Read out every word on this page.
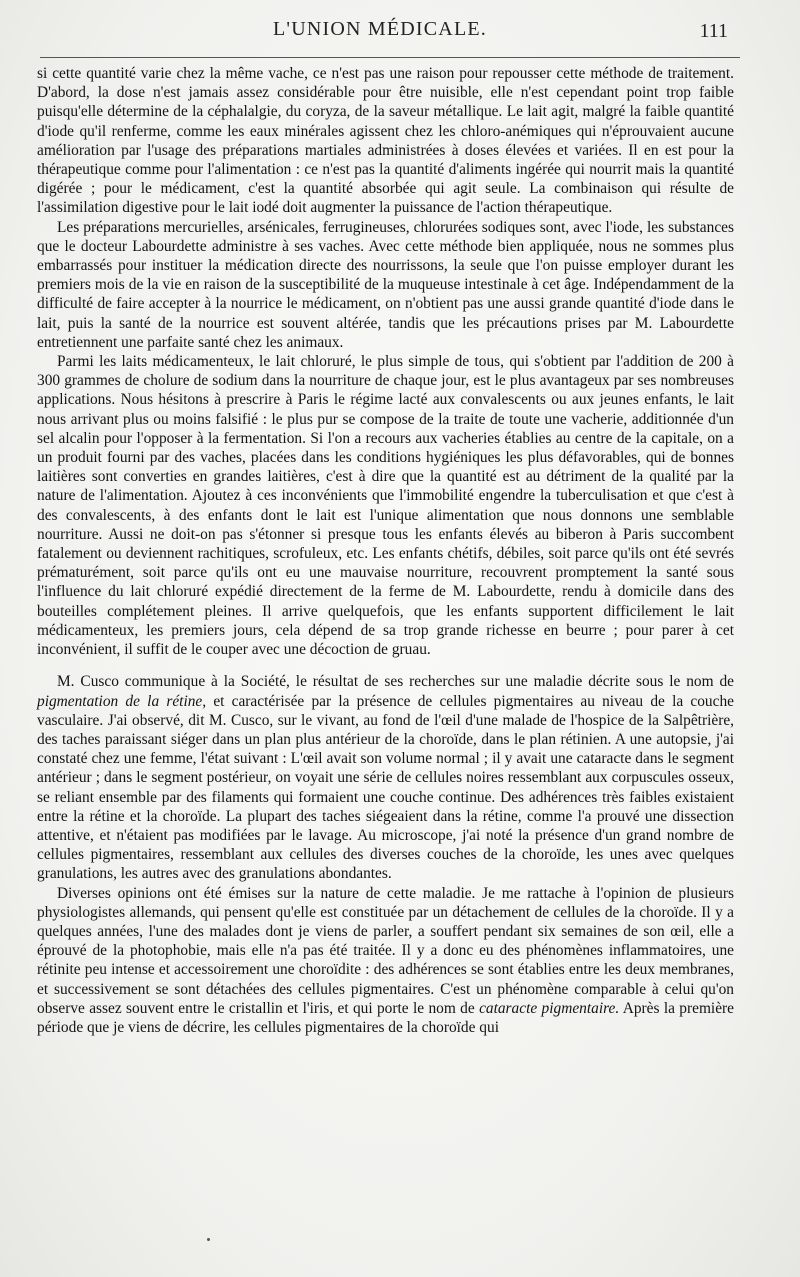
L'UNION MÉDICALE.	111

si cette quantité varie chez la même vache, ce n'est pas une raison pour repousser cette méthode de traitement. D'abord, la dose n'est jamais assez considérable pour être nuisible, elle n'est cependant point trop faible puisqu'elle détermine de la céphalalgie, du coryza, de la saveur métallique. Le lait agit, malgré la faible quantité d'iode qu'il renferme, comme les eaux minérales agissent chez les chloro-anémiques qui n'éprouvaient aucune amélioration par l'usage des préparations martiales administrées à doses élevées et variées. Il en est pour la thérapeutique comme pour l'alimentation : ce n'est pas la quantité d'aliments ingérée qui nourrit mais la quantité digérée ; pour le médicament, c'est la quantité absorbée qui agit seule. La combinaison qui résulte de l'assimilation digestive pour le lait iodé doit augmenter la puissance de l'action thérapeutique.

Les préparations mercurielles, arsénicales, ferrugineuses, chlorurées sodiques sont, avec l'iode, les substances que le docteur Labourdette administre à ses vaches. Avec cette méthode bien appliquée, nous ne sommes plus embarrassés pour instituer la médication directe des nourrissons, la seule que l'on puisse employer durant les premiers mois de la vie en raison de la susceptibilité de la muqueuse intestinale à cet âge. Indépendamment de la difficulté de faire accepter à la nourrice le médicament, on n'obtient pas une aussi grande quantité d'iode dans le lait, puis la santé de la nourrice est souvent altérée, tandis que les précautions prises par M. Labourdette entretiennent une parfaite santé chez les animaux.

Parmi les laits médicamenteux, le lait chloruré, le plus simple de tous, qui s'obtient par l'addition de 200 à 300 grammes de cholure de sodium dans la nourriture de chaque jour, est le plus avantageux par ses nombreuses applications. Nous hésitons à prescrire à Paris le régime lacté aux convalescents ou aux jeunes enfants, le lait nous arrivant plus ou moins falsifié : le plus pur se compose de la traite de toute une vacherie, additionnée d'un sel alcalin pour l'opposer à la fermentation. Si l'on a recours aux vacheries établies au centre de la capitale, on a un produit fourni par des vaches, placées dans les conditions hygiéniques les plus défavorables, qui de bonnes laitières sont converties en grandes laitières, c'est à dire que la quantité est au détriment de la qualité par la nature de l'alimentation. Ajoutez à ces inconvénients que l'immobilité engendre la tuberculisation et que c'est à des convalescents, à des enfants dont le lait est l'unique alimentation que nous donnons une semblable nourriture. Aussi ne doit-on pas s'étonner si presque tous les enfants élevés au biberon à Paris succombent fatalement ou deviennent rachitiques, scrofuleux, etc. Les enfants chétifs, débiles, soit parce qu'ils ont été sevrés prématurément, soit parce qu'ils ont eu une mauvaise nourriture, recouvrent promptement la santé sous l'influence du lait chloruré expédié directement de la ferme de M. Labourdette, rendu à domicile dans des bouteilles complétement pleines. Il arrive quelquefois, que les enfants supportent difficilement le lait médicamenteux, les premiers jours, cela dépend de sa trop grande richesse en beurre ; pour parer à cet inconvénient, il suffit de le couper avec une décoction de gruau.

M. Cusco communique à la Société, le résultat de ses recherches sur une maladie décrite sous le nom de pigmentation de la rétine, et caractérisée par la présence de cellules pigmentaires au niveau de la couche vasculaire. J'ai observé, dit M. Cusco, sur le vivant, au fond de l'œil d'une malade de l'hospice de la Salpêtrière, des taches paraissant siéger dans un plan plus antérieur de la choroïde, dans le plan rétinien. A une autopsie, j'ai constaté chez une femme, l'état suivant : L'œil avait son volume normal ; il y avait une cataracte dans le segment antérieur ; dans le segment postérieur, on voyait une série de cellules noires ressemblant aux corpuscules osseux, se reliant ensemble par des filaments qui formaient une couche continue. Des adhérences très faibles existaient entre la rétine et la choroïde. La plupart des taches siégeaient dans la rétine, comme l'a prouvé une dissection attentive, et n'étaient pas modifiées par le lavage. Au microscope, j'ai noté la présence d'un grand nombre de cellules pigmentaires, ressemblant aux cellules des diverses couches de la choroïde, les unes avec quelques granulations, les autres avec des granulations abondantes.

Diverses opinions ont été émises sur la nature de cette maladie. Je me rattache à l'opinion de plusieurs physiologistes allemands, qui pensent qu'elle est constituée par un détachement de cellules de la choroïde. Il y a quelques années, l'une des malades dont je viens de parler, a souffert pendant six semaines de son œil, elle a éprouvé de la photophobie, mais elle n'a pas été traitée. Il y a donc eu des phénomènes inflammatoires, une rétinite peu intense et accessoirement une choroïdite : des adhérences se sont établies entre les deux membranes, et successivement se sont détachées des cellules pigmentaires. C'est un phénomène comparable à celui qu'on observe assez souvent entre le cristallin et l'iris, et qui porte le nom de cataracte pigmentaire. Après la première période que je viens de décrire, les cellules pigmentaires de la choroïde qui
